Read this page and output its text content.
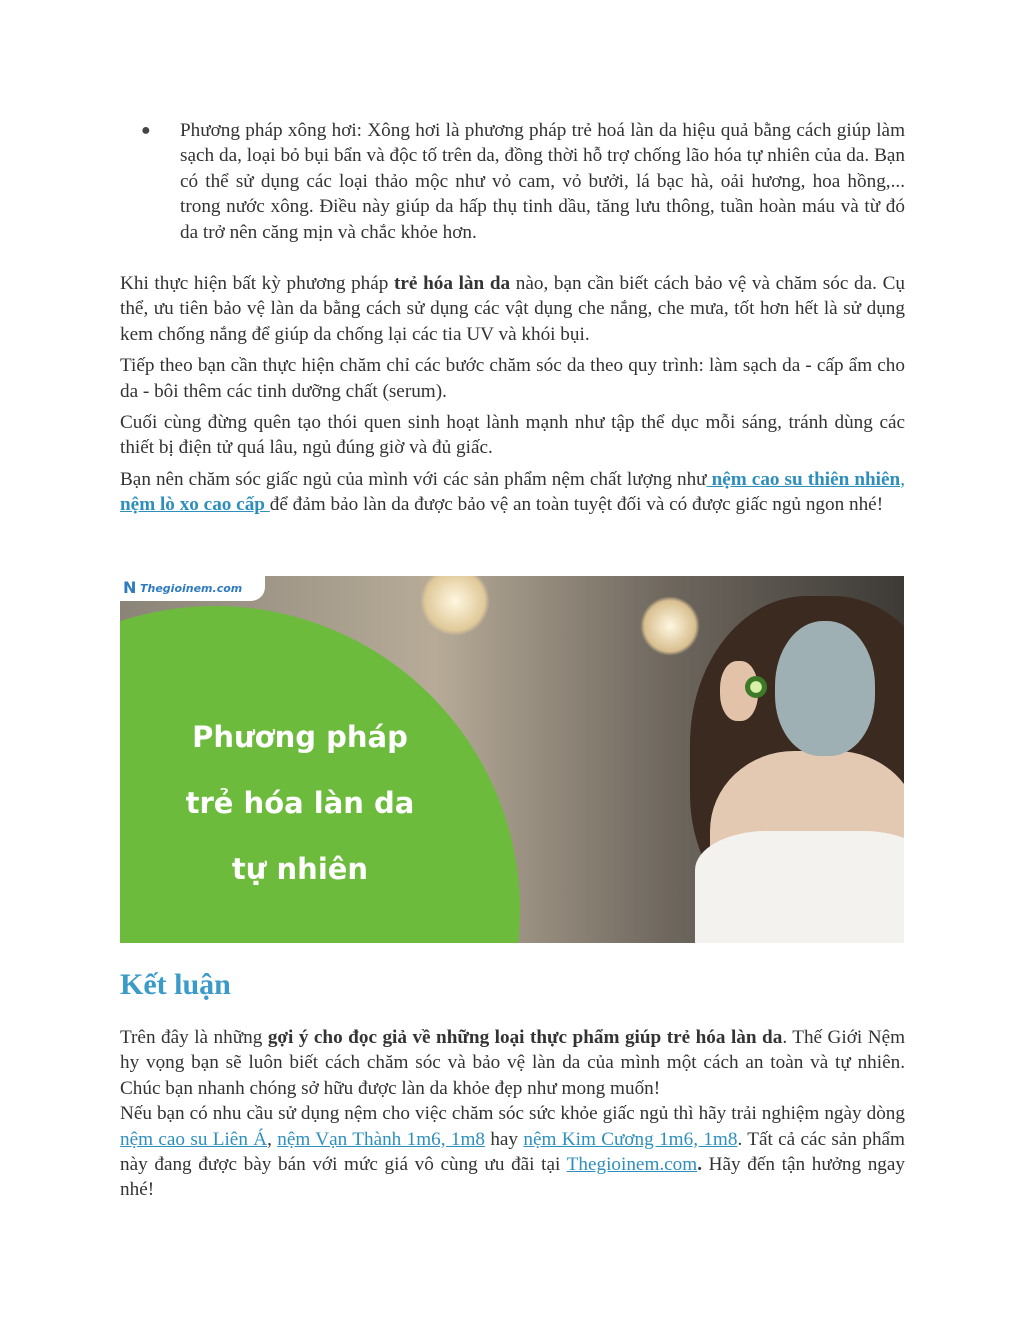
● Phương pháp xông hơi: Xông hơi là phương pháp trẻ hoá làn da hiệu quả bằng cách giúp làm sạch da, loại bỏ bụi bẩn và độc tố trên da, đồng thời hỗ trợ chống lão hóa tự nhiên của da. Bạn có thể sử dụng các loại thảo mộc như vỏ cam, vỏ bưởi, lá bạc hà, oải hương, hoa hồng,... trong nước xông. Điều này giúp da hấp thụ tinh dầu, tăng lưu thông, tuần hoàn máu và từ đó da trở nên căng mịn và chắc khỏe hơn.

Khi thực hiện bất kỳ phương pháp trẻ hóa làn da nào, bạn cần biết cách bảo vệ và chăm sóc da. Cụ thể, ưu tiên bảo vệ làn da bằng cách sử dụng các vật dụng che nắng, che mưa, tốt hơn hết là sử dụng kem chống nắng để giúp da chống lại các tia UV và khói bụi.

Tiếp theo bạn cần thực hiện chăm chỉ các bước chăm sóc da theo quy trình: làm sạch da - cấp ẩm cho da - bôi thêm các tinh dưỡng chất (serum).

Cuối cùng đừng quên tạo thói quen sinh hoạt lành mạnh như tập thể dục mỗi sáng, tránh dùng các thiết bị điện tử quá lâu, ngủ đúng giờ và đủ giấc.

Bạn nên chăm sóc giấc ngủ của mình với các sản phẩm nệm chất lượng như nệm cao su thiên nhiên, nệm lò xo cao cấp để đảm bảo làn da được bảo vệ an toàn tuyệt đối và có được giấc ngủ ngon nhé!

Phương pháp
trẻ hóa làn da
tự nhiên
N Thegioinem.com
Kết luận

Trên đây là những gợi ý cho đọc giả về những loại thực phẩm giúp trẻ hóa làn da. Thế Giới Nệm hy vọng bạn sẽ luôn biết cách chăm sóc và bảo vệ làn da của mình một cách an toàn và tự nhiên. Chúc bạn nhanh chóng sở hữu được làn da khỏe đẹp như mong muốn!

Nếu bạn có nhu cầu sử dụng nệm cho việc chăm sóc sức khỏe giấc ngủ thì hãy trải nghiệm ngày dòng nệm cao su Liên Á, nệm Vạn Thành 1m6, 1m8 hay nệm Kim Cương 1m6, 1m8. Tất cả các sản phẩm này đang được bày bán với mức giá vô cùng ưu đãi tại Thegioinem.com. Hãy đến tận hưởng ngay nhé!
